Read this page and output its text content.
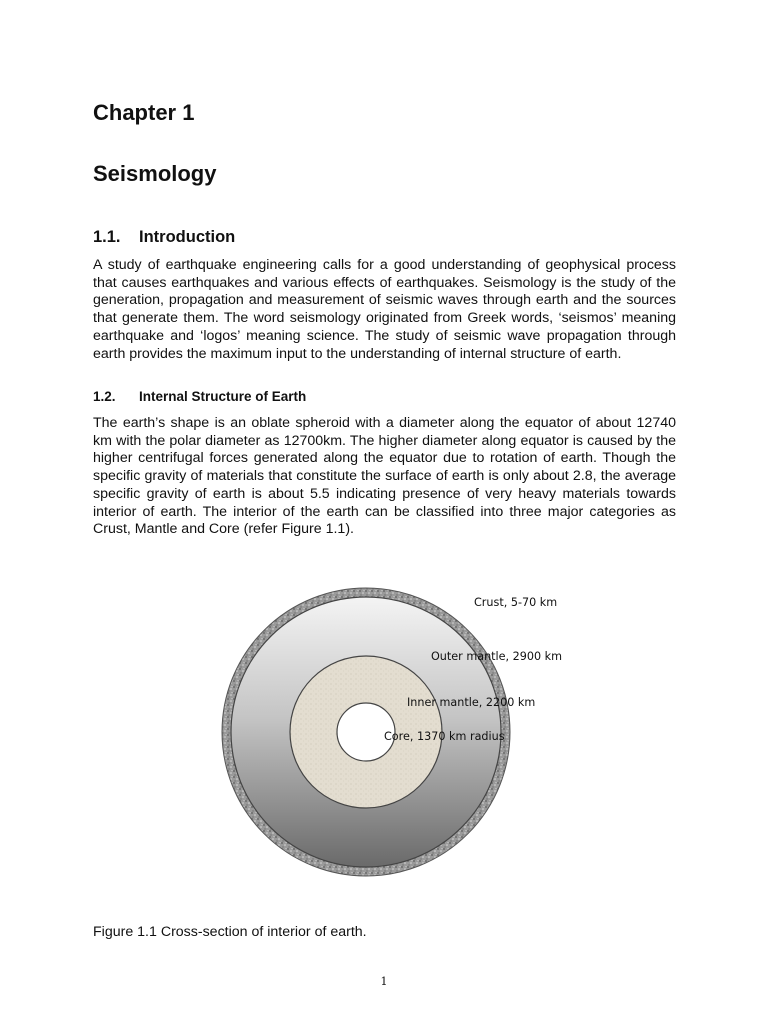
Chapter 1
Seismology
1.1. Introduction

A study of earthquake engineering calls for a good understanding of geophysical process that causes earthquakes and various effects of earthquakes. Seismology is the study of the generation, propagation and measurement of seismic waves through earth and the sources that generate them. The word seismology originated from Greek words, ‘seismos’ meaning earthquake and ‘logos’ meaning science. The study of seismic wave propagation through earth provides the maximum input to the understanding of internal structure of earth.

1.2. Internal Structure of Earth

The earth’s shape is an oblate spheroid with a diameter along the equator of about 12740 km with the polar diameter as 12700km. The higher diameter along equator is caused by the higher centrifugal forces generated along the equator due to rotation of earth. Though the specific gravity of materials that constitute the surface of earth is only about 2.8, the average specific gravity of earth is about 5.5 indicating presence of very heavy materials towards interior of earth. The interior of the earth can be classified into three major categories as Crust, Mantle and Core (refer Figure 1.1).

Crust, 5-70 km
Outer mantle, 2900 km
Inner mantle, 2200 km
Core, 1370 km radius

Figure 1.1 Cross-section of interior of earth.

1
